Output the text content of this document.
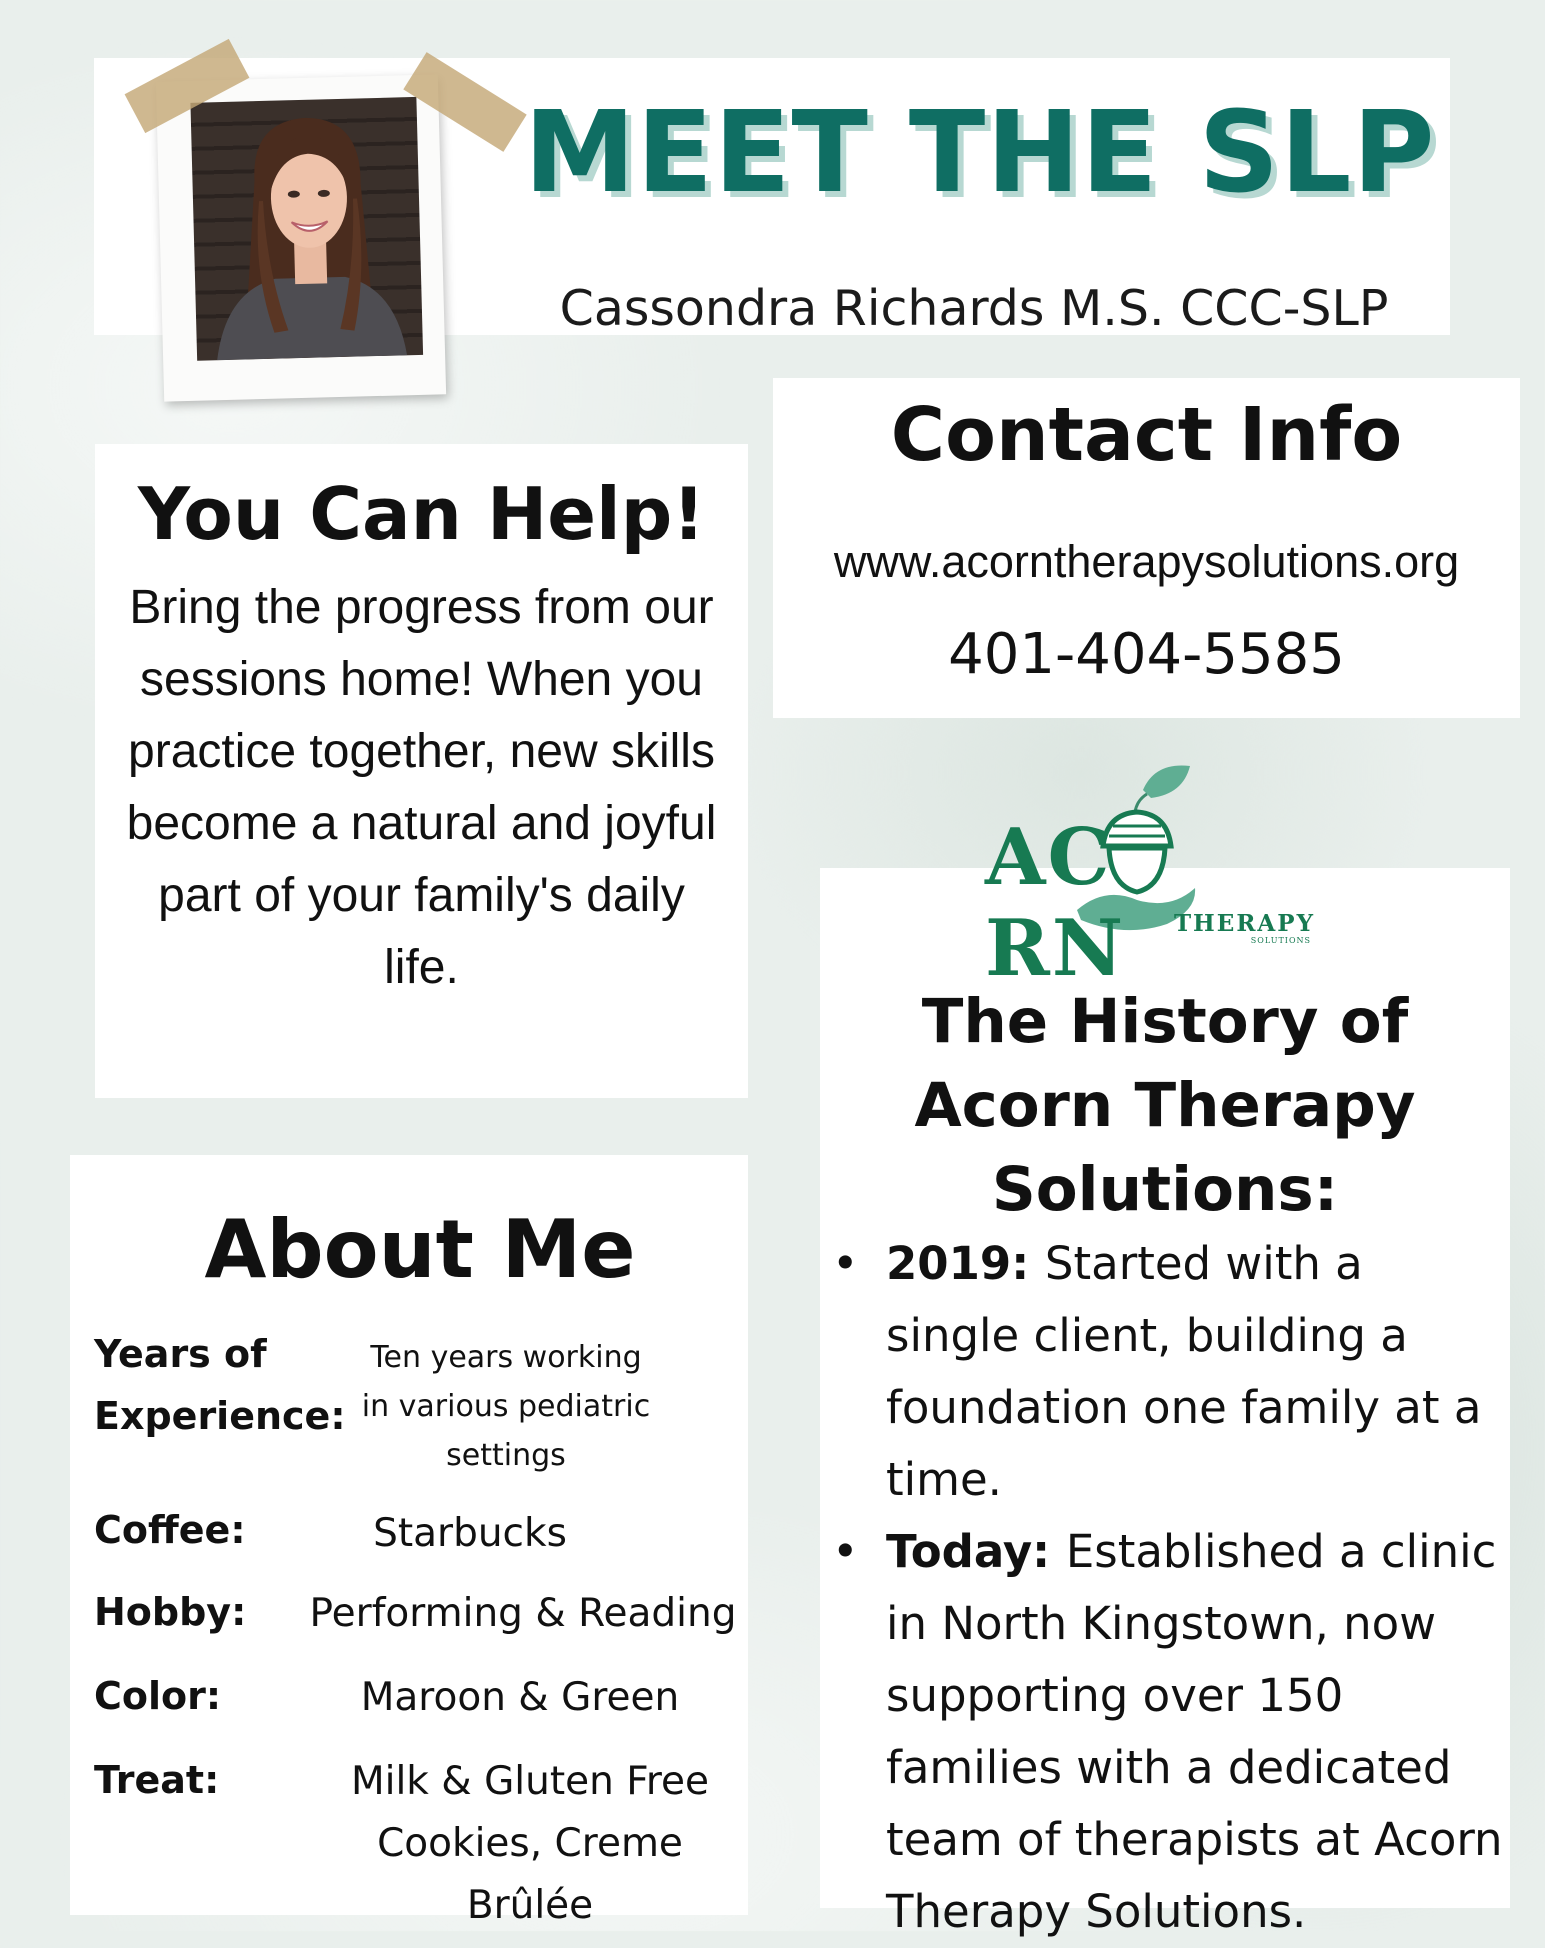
MEET THE SLP

Cassondra Richards M.S. CCC-SLP

You Can Help!

Bring the progress from our sessions home! When you practice together, new skills become a natural and joyful part of your family's daily life.

Contact Info
www.acorntherapysolutions.org
401-404-5585
The History of Acorn Therapy Solutions:
• 2019: Started with a single client, building a foundation one family at a time.
• Today: Established a clinic in North Kingstown, now supporting over 150 families with a dedicated team of therapists at Acorn Therapy Solutions.

ACRN	THERAPY

SOLUTIONS

About Me

Years of Experience:

Ten years working in various pediatric settings

Coffee:	Starbucks

Hobby: Performing & Reading

Color:	Maroon & Green

Treat:	Milk & Gluten Free Cookies, Creme Brûlée
